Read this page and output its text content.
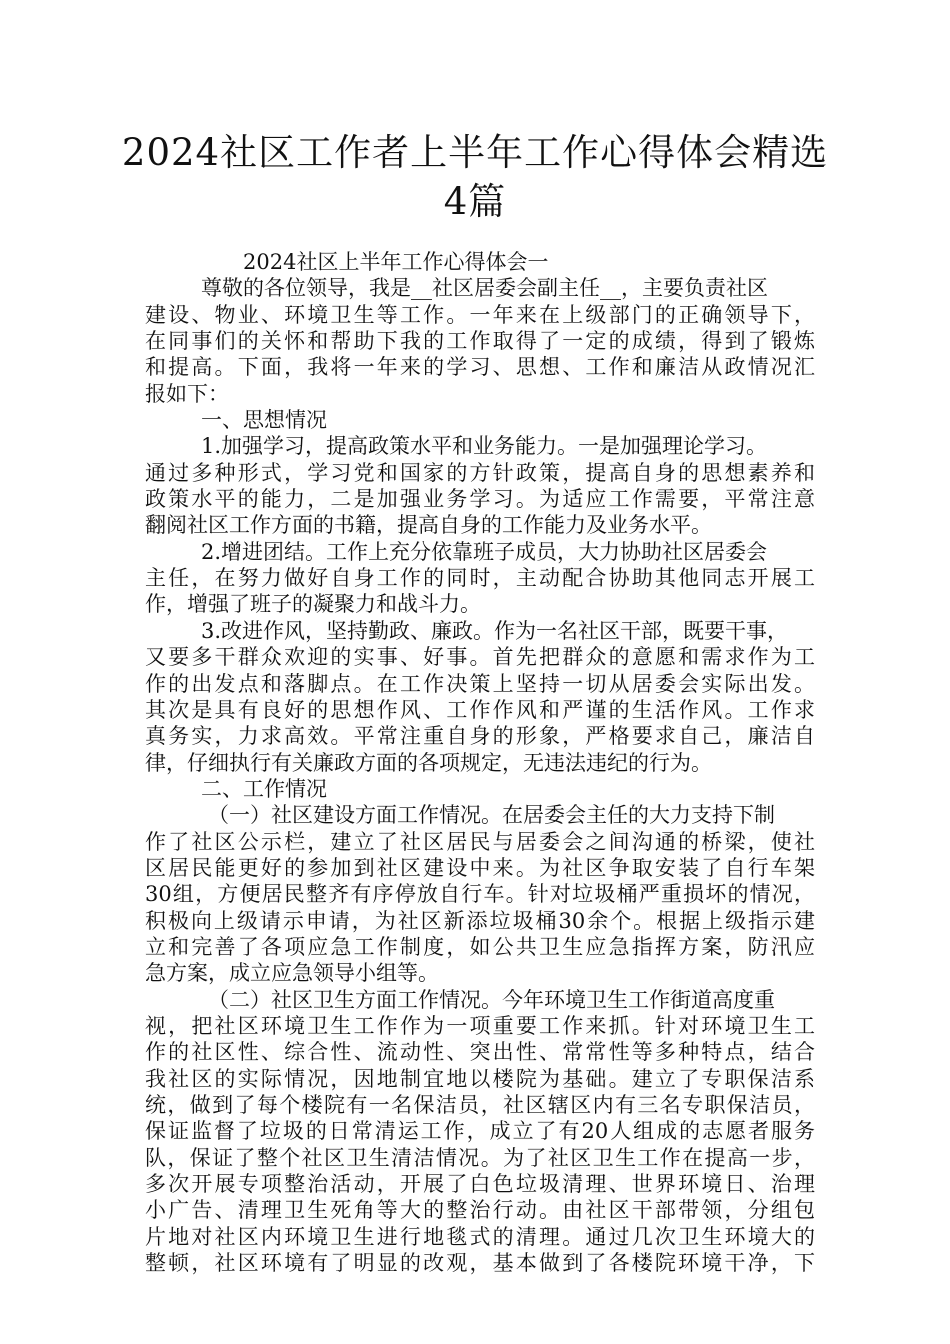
2024社区工作者上半年工作心得体会精选
4篇
2024社区上半年工作心得体会一
尊敬的各位领导，我是__社区居委会副主任__，主要负责社区
建设、物业、环境卫生等工作。一年来在上级部门的正确领导下，
在同事们的关怀和帮助下我的工作取得了一定的成绩，得到了锻炼
和提高。下面，我将一年来的学习、思想、工作和廉洁从政情况汇
报如下：
一、思想情况
1.加强学习，提高政策水平和业务能力。一是加强理论学习。
通过多种形式，学习党和国家的方针政策，提高自身的思想素养和
政策水平的能力，二是加强业务学习。为适应工作需要，平常注意
翻阅社区工作方面的书籍，提高自身的工作能力及业务水平。
2.增进团结。工作上充分依靠班子成员，大力协助社区居委会
主任，在努力做好自身工作的同时，主动配合协助其他同志开展工
作，增强了班子的凝聚力和战斗力。
3.改进作风，坚持勤政、廉政。作为一名社区干部，既要干事，
又要多干群众欢迎的实事、好事。首先把群众的意愿和需求作为工
作的出发点和落脚点。在工作决策上坚持一切从居委会实际出发。
其次是具有良好的思想作风、工作作风和严谨的生活作风。工作求
真务实，力求高效。平常注重自身的形象，严格要求自己，廉洁自
律，仔细执行有关廉政方面的各项规定，无违法违纪的行为。
二、工作情况
（一）社区建设方面工作情况。在居委会主任的大力支持下制
作了社区公示栏，建立了社区居民与居委会之间沟通的桥梁，使社
区居民能更好的参加到社区建设中来。为社区争取安装了自行车架
30组，方便居民整齐有序停放自行车。针对垃圾桶严重损坏的情况，
积极向上级请示申请，为社区新添垃圾桶30余个。根据上级指示建
立和完善了各项应急工作制度，如公共卫生应急指挥方案，防汛应
急方案，成立应急领导小组等。
（二）社区卫生方面工作情况。今年环境卫生工作街道高度重
视，把社区环境卫生工作作为一项重要工作来抓。针对环境卫生工
作的社区性、综合性、流动性、突出性、常常性等多种特点，结合
我社区的实际情况，因地制宜地以楼院为基础。建立了专职保洁系
统，做到了每个楼院有一名保洁员，社区辖区内有三名专职保洁员，
保证监督了垃圾的日常清运工作，成立了有20人组成的志愿者服务
队，保证了整个社区卫生清洁情况。为了社区卫生工作在提高一步，
多次开展专项整治活动，开展了白色垃圾清理、世界环境日、治理
小广告、清理卫生死角等大的整治行动。由社区干部带领，分组包
片地对社区内环境卫生进行地毯式的清理。通过几次卫生环境大的
整顿，社区环境有了明显的改观，基本做到了各楼院环境干净，下
